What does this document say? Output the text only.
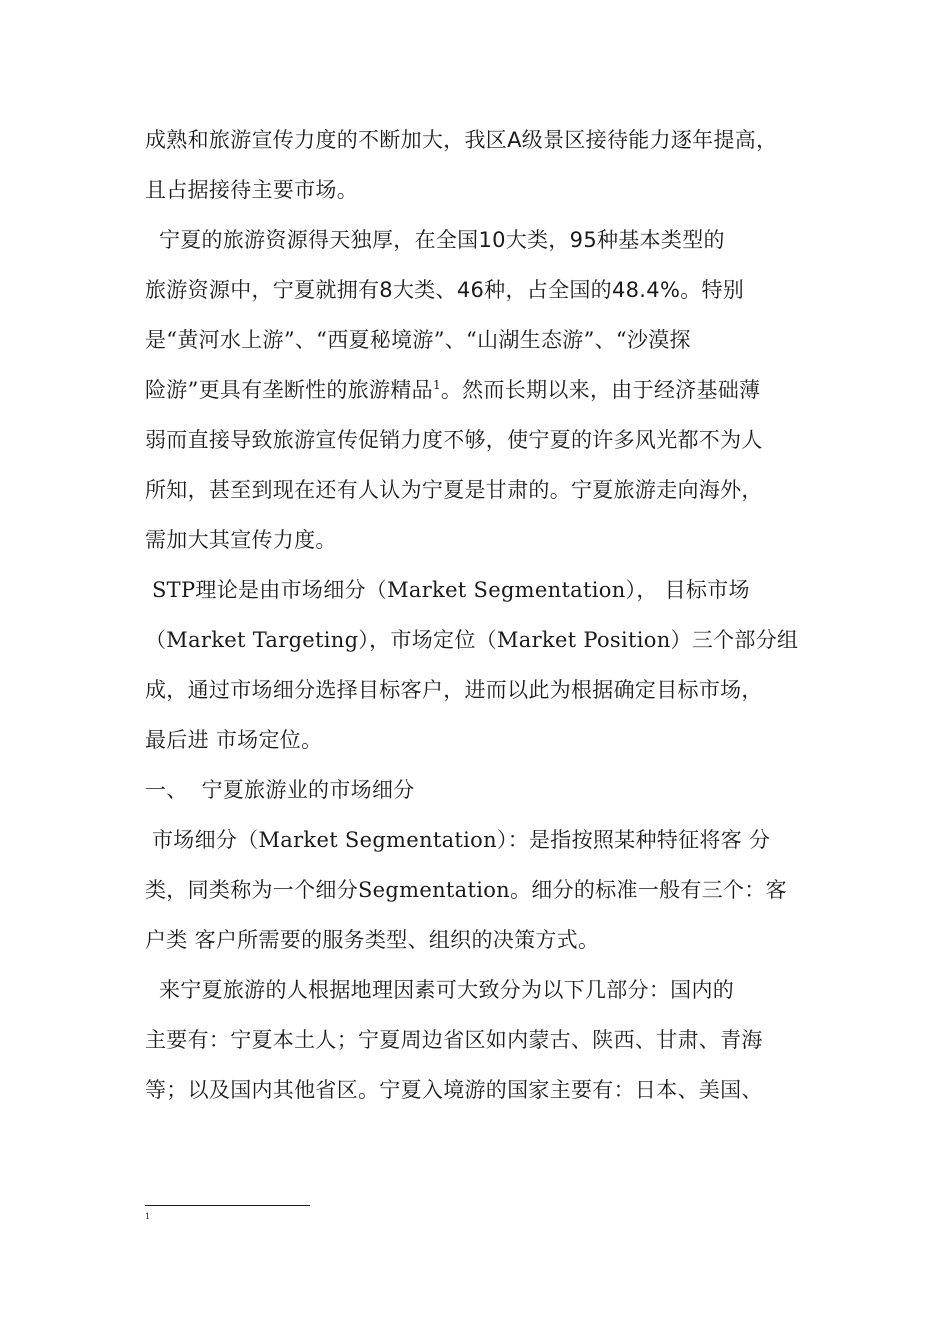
成熟和旅游宣传力度的不断加大，我区A级景区接待能力逐年提高，
且占据接待主要市场。
宁夏的旅游资源得天独厚，在全国10大类，95种基本类型的
旅游资源中，宁夏就拥有8大类、46种，占全国的48.4%。特别
是“黄河水上游”、“西夏秘境游”、“山湖生态游”、“沙漠探
险游”更具有垄断性的旅游精品$^1$。然而长期以来，由于经济基础薄
弱而直接导致旅游宣传促销力度不够，使宁夏的许多风光都不为人
所知，甚至到现在还有人认为宁夏是甘肃的。宁夏旅游走向海外，
需加大其宣传力度。
STP理论是由市场细分（Market Segmentation）， 目标市场
（Market Targeting），市场定位（Market Position）三个部分组
成，通过市场细分选择目标客户，进而以此为根据确定目标市场，
最后进 市场定位。
一、  宁夏旅游业的市场细分
市场细分（Market Segmentation）：是指按照某种特征将客 分
类，同类称为一个细分Segmentation。细分的标准一般有三个：客
户类 客户所需要的服务类型、组织的决策方式。
来宁夏旅游的人根据地理因素可大致分为以下几部分：国内的
主要有：宁夏本土人；宁夏周边省区如内蒙古、陕西、甘肃、青海
等；以及国内其他省区。宁夏入境游的国家主要有：日本、美国、
1
